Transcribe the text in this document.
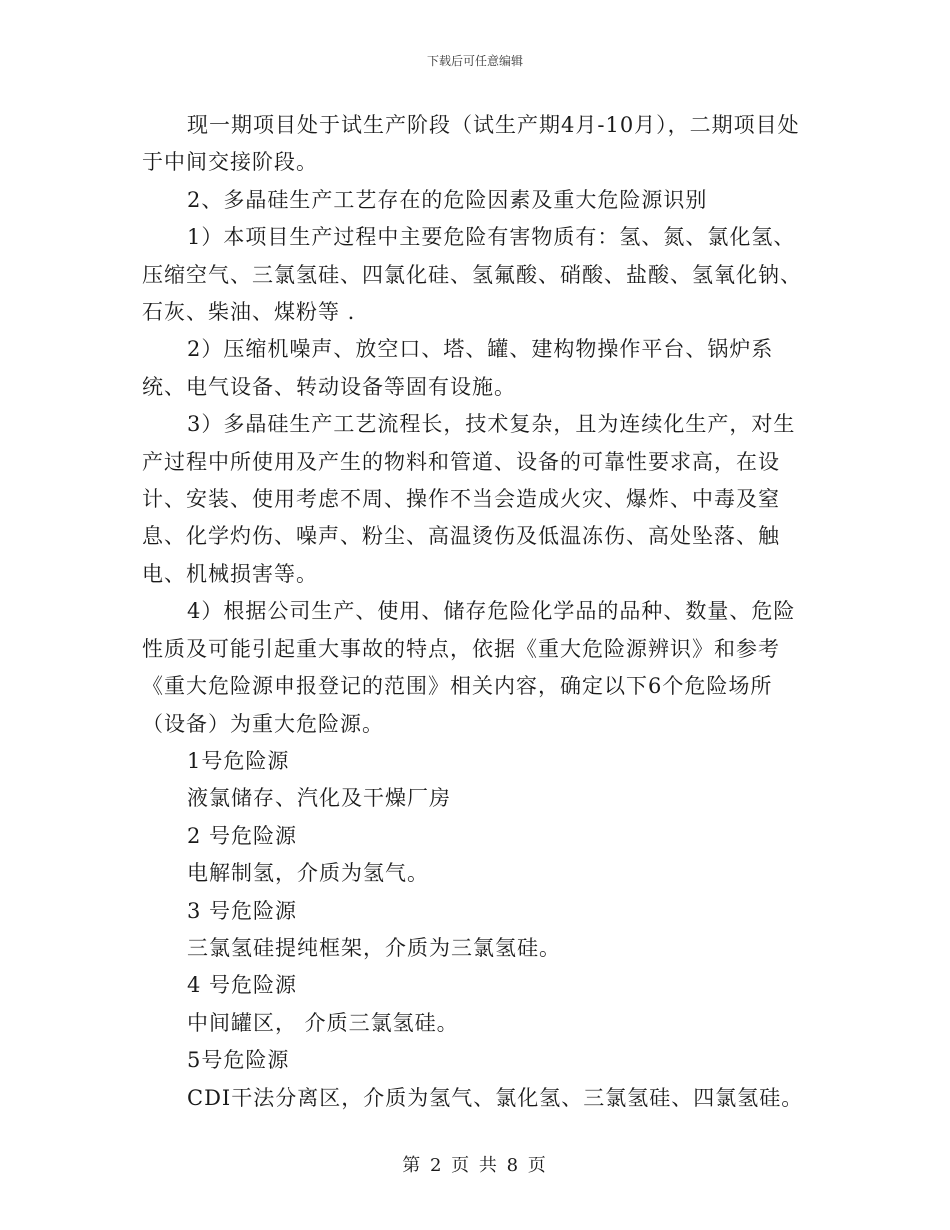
下载后可任意编辑

现一期项目处于试生产阶段（试生产期4月-10月），二期项目处于中间交接阶段。

2、多晶硅生产工艺存在的危险因素及重大危险源识别

1）本项目生产过程中主要危险有害物质有：氢、氮、氯化氢、压缩空气、三氯氢硅、四氯化硅、氢氟酸、硝酸、盐酸、氢氧化钠、石灰、柴油、煤粉等 .

2）压缩机噪声、放空口、塔、罐、建构物操作平台、锅炉系统、电气设备、转动设备等固有设施。

3）多晶硅生产工艺流程长，技术复杂，且为连续化生产，对生产过程中所使用及产生的物料和管道、设备的可靠性要求高，在设计、安装、使用考虑不周、操作不当会造成火灾、爆炸、中毒及窒息、化学灼伤、噪声、粉尘、高温烫伤及低温冻伤、高处坠落、触电、机械损害等。

4）根据公司生产、使用、储存危险化学品的品种、数量、危险性质及可能引起重大事故的特点，依据《重大危险源辨识》和参考《重大危险源申报登记的范围》相关内容，确定以下6个危险场所（设备）为重大危险源。

1号危险源

液氯储存、汽化及干燥厂房

2 号危险源

电解制氢，介质为氢气。

3 号危险源

三氯氢硅提纯框架，介质为三氯氢硅。

4 号危险源

中间罐区， 介质三氯氢硅。

5号危险源

CDI干法分离区，介质为氢气、氯化氢、三氯氢硅、四氯氢硅。

第 2 页 共 8 页
